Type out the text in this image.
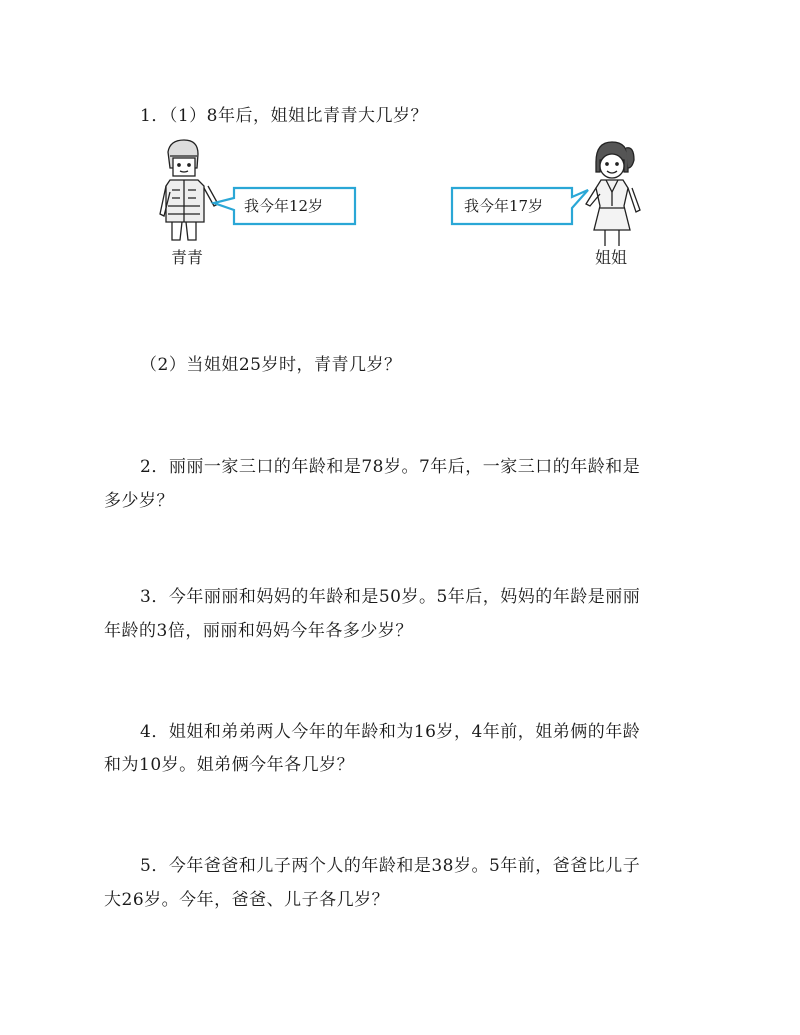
1．（1）8年后，姐姐比青青大几岁？
我今年12岁	我今年17岁
青青	姐姐
（2）当姐姐25岁时，青青几岁？
2．丽丽一家三口的年龄和是78岁。7年后，一家三口的年龄和是
多少岁？
3．今年丽丽和妈妈的年龄和是50岁。5年后，妈妈的年龄是丽丽
年龄的3倍，丽丽和妈妈今年各多少岁？
4．姐姐和弟弟两人今年的年龄和为16岁，4年前，姐弟俩的年龄
和为10岁。姐弟俩今年各几岁？
5．今年爸爸和儿子两个人的年龄和是38岁。5年前，爸爸比儿子
大26岁。今年，爸爸、儿子各几岁？
